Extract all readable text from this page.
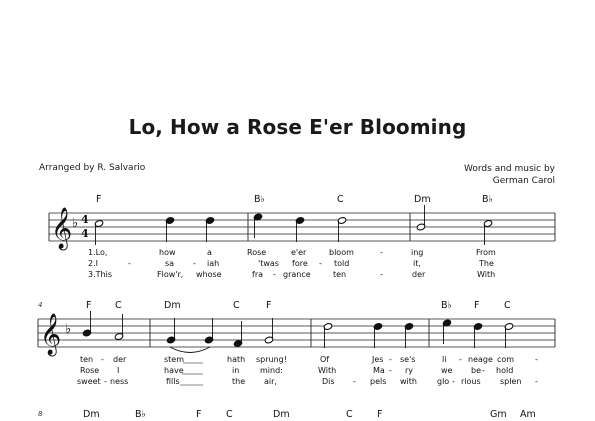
Lo, How a Rose E'er Blooming
Arranged by R. Salvario	Words and music by
German Carol
𝄞 ♭ 4
4
F	B♭	C	Dm	B♭
1.Lo,	how	a	Rose	e'er	bloom	-	ing	From
2.I	-	sa - iah	'twas fore - told	it,	The
3.This	Flow'r, whose	fra - grance	ten	-	der	With
4
𝄞 ♭
F C	Dm	C	F	B♭ F	C
ten - der	stem	hath sprung!	Of	Jes - se's	li - neage com	-
Rose I	have	in	mind:	With	Ma - ry	we be - hold
sweet - ness	fills	the air,	Dis - pels with	glo - rious splen -
8	Dm	B♭	F	C	Dm	C	F	Gm Am
